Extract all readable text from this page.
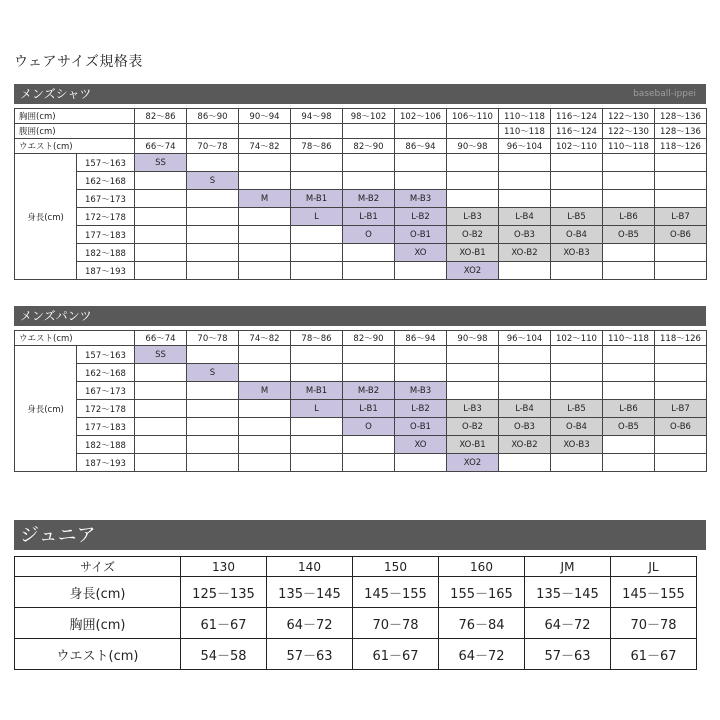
ウェアサイズ規格表
メンズシャツ	baseball-ippei
胸囲(cm)		82～86	86～90	90～94	94～98	98～102	102～106	106～110	110～118	116～124	122～130	128～136
腹囲(cm)									110～118	116～124	122～130	128～136
ウエスト(cm)		66～74	70～78	74～82	78～86	82～90	86～94	90～98	96～104	102～110	110～118	118～126
身長(cm)	157～163	SS										
	162～168		S									
	167～173			M	M-B1	M-B2	M-B3					
	172～178				L	L-B1	L-B2	L-B3	L-B4	L-B5	L-B6	L-B7
	177～183					O	O-B1	O-B2	O-B3	O-B4	O-B5	O-B6
	182～188						XO	XO-B1	XO-B2	XO-B3		
	187～193							XO2				
メンズパンツ
ウエスト(cm)		66～74	70～78	74～82	78～86	82～90	86～94	90～98	96～104	102～110	110～118	118～126
身長(cm)	157～163	SS										
	162～168		S									
	167～173			M	M-B1	M-B2	M-B3					
	172～178				L	L-B1	L-B2	L-B3	L-B4	L-B5	L-B6	L-B7
	177～183					O	O-B1	O-B2	O-B3	O-B4	O-B5	O-B6
	182～188						XO	XO-B1	XO-B2	XO-B3		
	187～193							XO2				
ジュニア
サイズ	130	140	150	160	JM	JL
身長(cm)	125－135	135－145	145－155	155－165	135－145	145－155
胸囲(cm)	61－67	64－72	70－78	76－84	64－72	70－78
ウエスト(cm)	54－58	57－63	61－67	64－72	57－63	61－67
